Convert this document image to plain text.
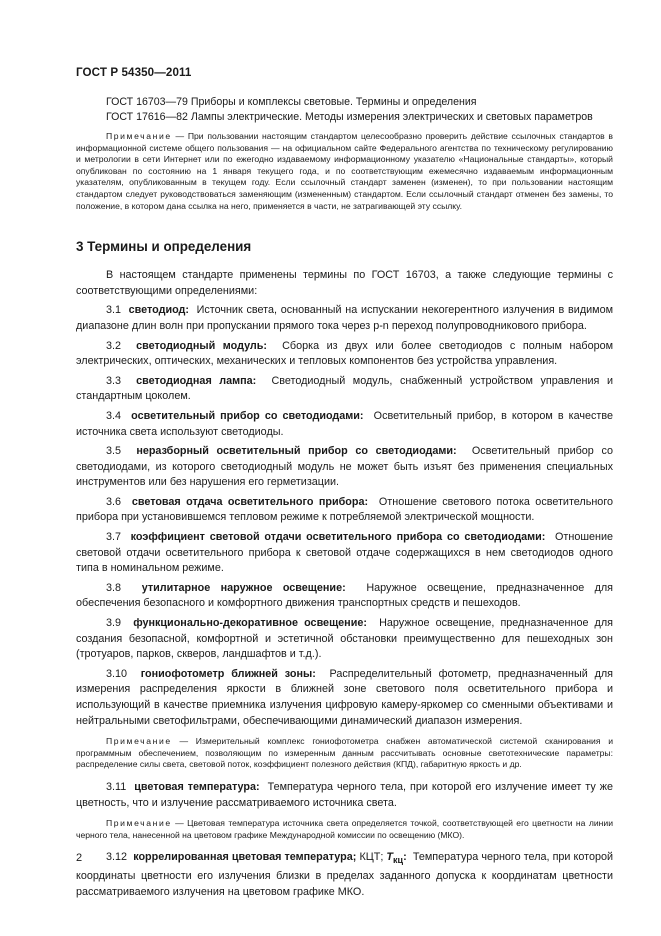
ГОСТ Р 54350—2011
ГОСТ 16703—79 Приборы и комплексы световые. Термины и определения
ГОСТ 17616—82 Лампы электрические. Методы измерения электрических и световых параметров
Примечание — При пользовании настоящим стандартом целесообразно проверить действие ссылочных стандартов в информационной системе общего пользования — на официальном сайте Федерального агентства по техническому регулированию и метрологии в сети Интернет или по ежегодно издаваемому информационному указателю «Национальные стандарты», который опубликован по состоянию на 1 января текущего года, и по соответствующим ежемесячно издаваемым информационным указателям, опубликованным в текущем году. Если ссылочный стандарт заменен (изменен), то при пользовании настоящим стандартом следует руководствоваться заменяющим (измененным) стандартом. Если ссылочный стандарт отменен без замены, то положение, в котором дана ссылка на него, применяется в части, не затрагивающей эту ссылку.
3 Термины и определения

В настоящем стандарте применены термины по ГОСТ 16703, а также следующие термины с соответствующими определениями:

3.1 светодиод: Источник света, основанный на испускании некогерентного излучения в видимом диапазоне длин волн при пропускании прямого тока через p-n переход полупроводникового прибора.

3.2 светодиодный модуль: Сборка из двух или более светодиодов с полным набором электрических, оптических, механических и тепловых компонентов без устройства управления.

3.3 светодиодная лампа: Светодиодный модуль, снабженный устройством управления и стандартным цоколем.

3.4 осветительный прибор со светодиодами: Осветительный прибор, в котором в качестве источника света используют светодиоды.

3.5 неразборный осветительный прибор со светодиодами: Осветительный прибор со светодиодами, из которого светодиодный модуль не может быть изъят без применения специальных инструментов или без нарушения его герметизации.

3.6 световая отдача осветительного прибора: Отношение светового потока осветительного прибора при установившемся тепловом режиме к потребляемой электрической мощности.

3.7 коэффициент световой отдачи осветительного прибора со светодиодами: Отношение световой отдачи осветительного прибора к световой отдаче содержащихся в нем светодиодов одного типа в номинальном режиме.

3.8 утилитарное наружное освещение: Наружное освещение, предназначенное для обеспечения безопасного и комфортного движения транспортных средств и пешеходов.

3.9 функционально-декоративное освещение: Наружное освещение, предназначенное для создания безопасной, комфортной и эстетичной обстановки преимущественно для пешеходных зон (тротуаров, парков, скверов, ландшафтов и т.д.).

3.10 гониофотометр ближней зоны: Распределительный фотометр, предназначенный для измерения распределения яркости в ближней зоне светового поля осветительного прибора и использующий в качестве приемника излучения цифровую камеру-яркомер со сменными объективами и нейтральными светофильтрами, обеспечивающими динамический диапазон измерения.

Примечание — Измерительный комплекс гониофотометра снабжен автоматической системой сканирования и программным обеспечением, позволяющим по измеренным данным рассчитывать основные светотехнические параметры: распределение силы света, световой поток, коэффициент полезного действия (КПД), габаритную яркость и др.

3.11 цветовая температура: Температура черного тела, при которой его излучение имеет ту же цветность, что и излучение рассматриваемого источника света.

Примечание — Цветовая температура источника света определяется точкой, соответствующей его цветности на линии черного тела, нанесенной на цветовом графике Международной комиссии по освещению (МКО).

3.12 коррелированная цветовая температура; КЦТ; $T_{кц}$: Температура черного тела, при которой координаты цветности его излучения близки в пределах заданного допуска к координатам цветности рассматриваемого излучения на цветовом графике МКО.

2
